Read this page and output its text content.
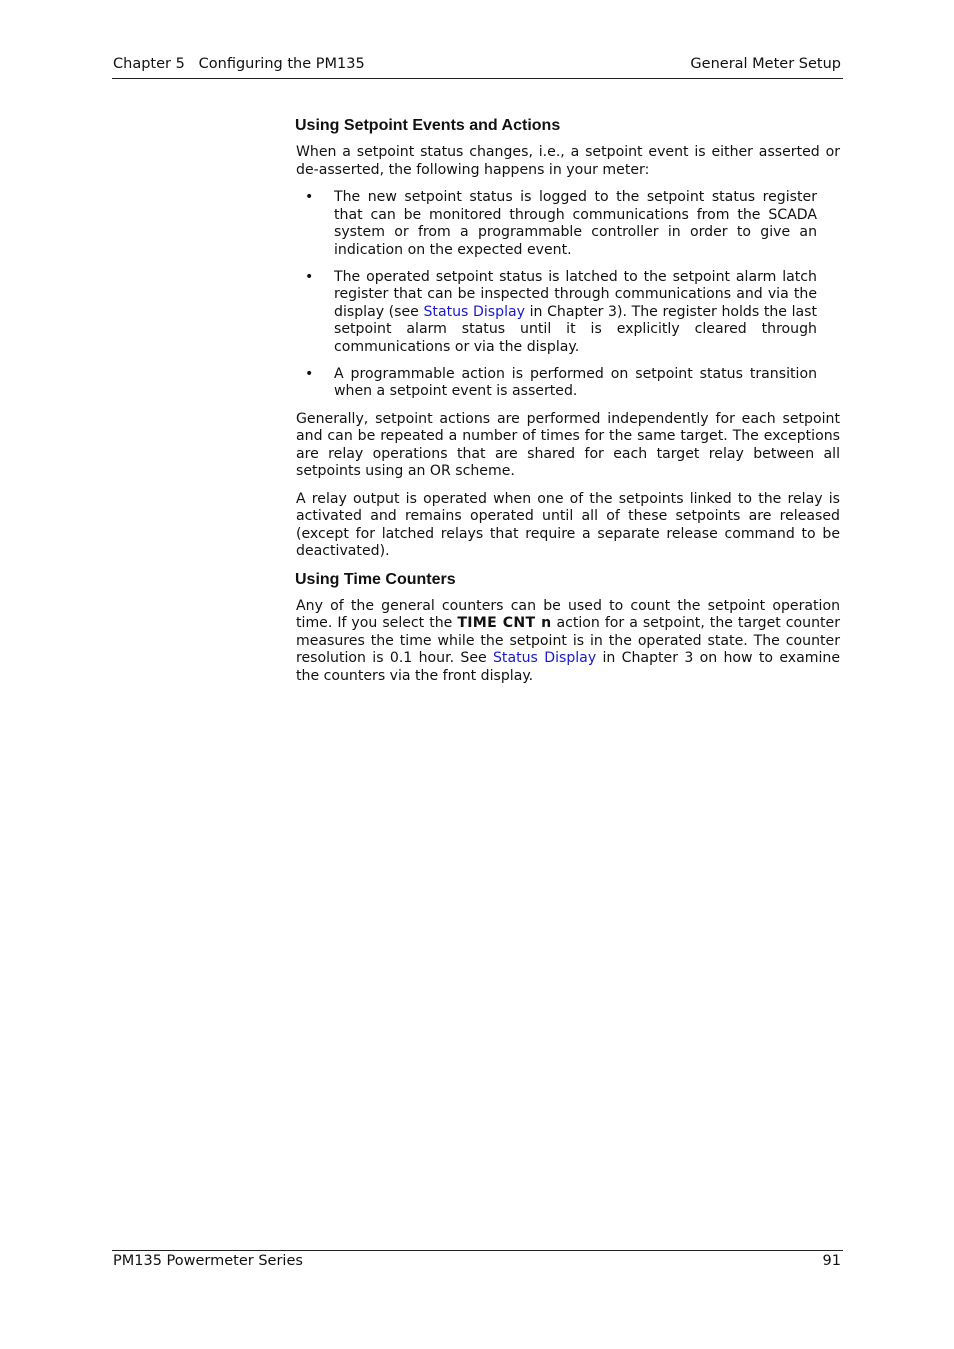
Chapter 5   Configuring the PM135	General Meter Setup
Using Setpoint Events and Actions

When a setpoint status changes, i.e., a setpoint event is either asserted or de-asserted, the following happens in your meter:

• The new setpoint status is logged to the setpoint status register that can be monitored through communications from the SCADA system or from a programmable controller in order to give an indication on the expected event.
• The operated setpoint status is latched to the setpoint alarm latch register that can be inspected through communications and via the display (see Status Display in Chapter 3). The register holds the last setpoint alarm status until it is explicitly cleared through communications or via the display.
• A programmable action is performed on setpoint status transition when a setpoint event is asserted.

Generally, setpoint actions are performed independently for each setpoint and can be repeated a number of times for the same target. The exceptions are relay operations that are shared for each target relay between all setpoints using an OR scheme.

A relay output is operated when one of the setpoints linked to the relay is activated and remains operated until all of these setpoints are released (except for latched relays that require a separate release command to be deactivated).

Using Time Counters

Any of the general counters can be used to count the setpoint operation time. If you select the TIME CNT n action for a setpoint, the target counter measures the time while the setpoint is in the operated state. The counter resolution is 0.1 hour. See Status Display in Chapter 3 on how to examine the counters via the front display.

PM135 Powermeter Series	91
